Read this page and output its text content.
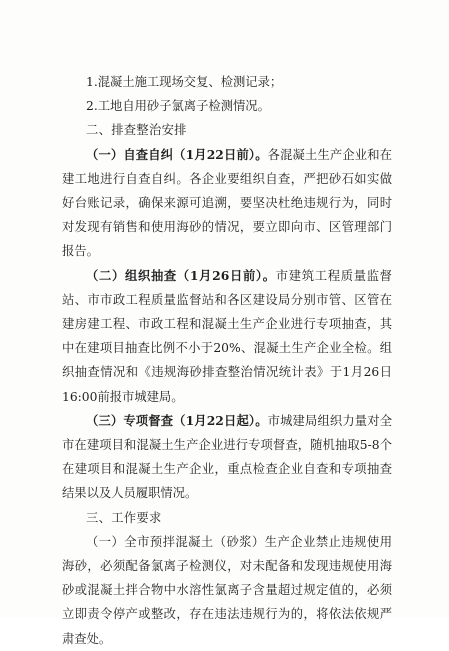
1.混凝土施工现场交复、检测记录；

2.工地自用砂子氯离子检测情况。

二、排查整治安排

（一）自查自纠（1月22日前）。各混凝土生产企业和在建工地进行自查自纠。各企业要组织自查，严把砂石如实做好台账记录，确保来源可追溯，要坚决杜绝违规行为，同时对发现有销售和使用海砂的情况，要立即向市、区管理部门报告。

（二）组织抽查（1月26日前）。市建筑工程质量监督站、市市政工程质量监督站和各区建设局分别市管、区管在建房建工程、市政工程和混凝土生产企业进行专项抽查，其中在建项目抽查比例不小于20%、混凝土生产企业全检。组织抽查情况和《违规海砂排查整治情况统计表》于1月26日16:00前报市城建局。

（三）专项督查（1月22日起）。市城建局组织力量对全市在建项目和混凝土生产企业进行专项督查，随机抽取5-8个在建项目和混凝土生产企业，重点检查企业自查和专项抽查结果以及人员履职情况。

三、工作要求

（一）全市预拌混凝土（砂浆）生产企业禁止违规使用海砂，必须配备氯离子检测仪，对未配备和发现违规使用海砂或混凝土拌合物中水溶性氯离子含量超过规定值的，必须立即责令停产或整改，存在违法违规行为的，将依法依规严肃查处。
